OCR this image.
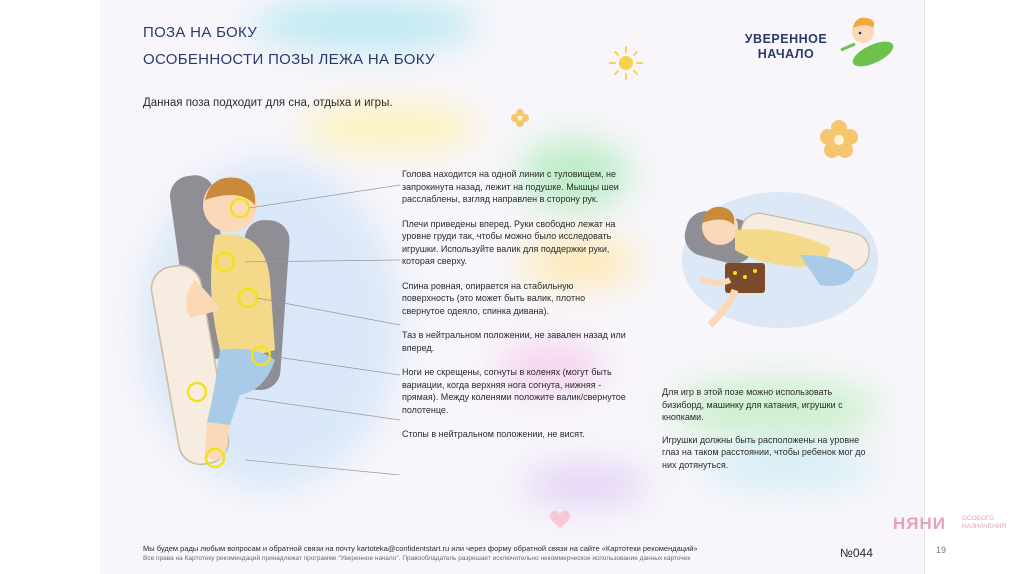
ПОЗА НА БОКУ
ОСОБЕННОСТИ ПОЗЫ ЛЕЖА НА БОКУ
Данная поза подходит для сна, отдыха и игры.
УВЕРЕННОЕ
НАЧАЛО
Голова находится на одной линии с туловищем, не запрокинута назад, лежит на подушке. Мышцы шеи расслаблены, взгляд направлен в сторону рук.
Плечи приведены вперед. Руки свободно лежат на уровне груди так, чтобы можно было исследовать игрушки. Используйте валик для поддержки руки, которая сверху.
Спина ровная, опирается на стабильную поверхность (это может быть валик, плотно свернутое одеяло, спинка дивана).
Таз в нейтральном положении, не завален назад или вперед.
Ноги не скрещены, согнуты в коленях (могут быть вариации, когда верхняя нога согнута, нижняя - прямая). Между коленями положите валик/свернутое полотенце.
Стопы в нейтральном положении, не висят.

Для игр в этой позе можно использовать бизиборд, машинку для катания, игрушки с кнопками.

Игрушки должны быть расположены на уровне глаз на таком расстоянии, чтобы ребенок мог до них дотянуться.

Мы будем рады любым вопросам и обратной связи на почту kartoteka@confidentstart.ru или через форму обратной связи на сайте «Картотеки рекомендаций»
Все права на Картотеку рекомендаций принадлежат программе "Уверенное начало". Правообладатель разрешает исключительно некоммерческое использование данных карточек	№044
НЯНИ ОСОБОГО
НАЗНАЧЕНИЯ
19
